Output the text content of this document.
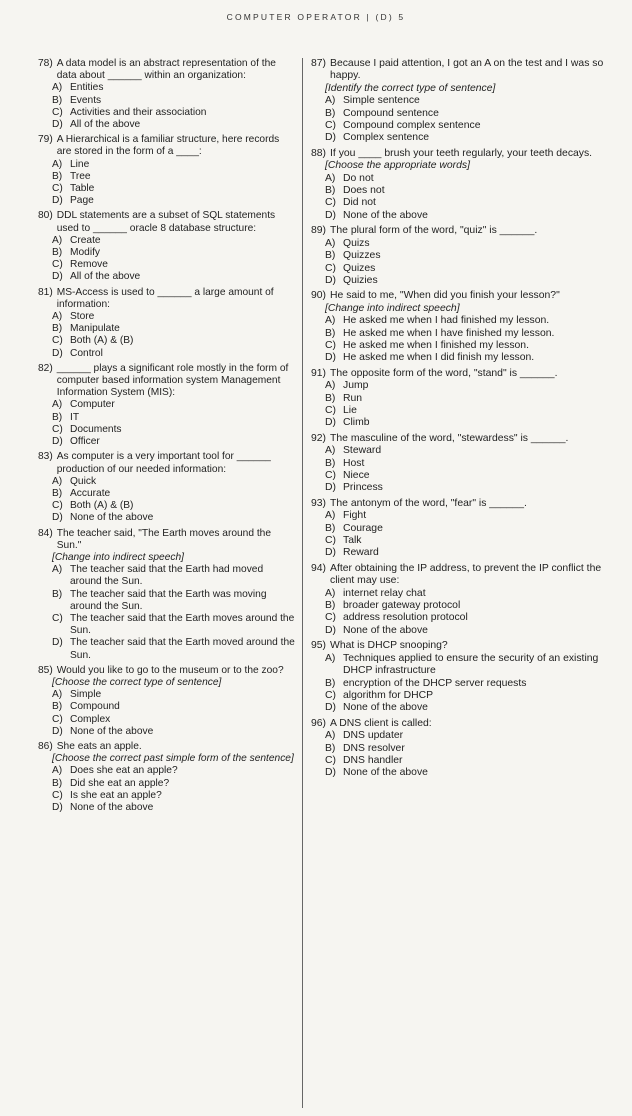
COMPUTER OPERATOR | (D) 5
78) A data model is an abstract representation of the data about ______ within an organization:
A) Entities
B) Events
C) Activities and their association
D) All of the above
79) A Hierarchical is a familiar structure, here records are stored in the form of a ____:
A) Line
B) Tree
C) Table
D) Page
80) DDL statements are a subset of SQL statements used to ______ oracle 8 database structure:
A) Create
B) Modify
C) Remove
D) All of the above
81) MS-Access is used to ______ a large amount of information:
A) Store
B) Manipulate
C) Both (A) & (B)
D) Control
82) ______ plays a significant role mostly in the form of computer based information system Management Information System (MIS):
A) Computer
B) IT
C) Documents
D) Officer
83) As computer is a very important tool for ______ production of our needed information:
A) Quick
B) Accurate
C) Both (A) & (B)
D) None of the above
84) The teacher said, "The Earth moves around the Sun."
[Change into indirect speech]
A) The teacher said that the Earth had moved around the Sun.
B) The teacher said that the Earth was moving around the Sun.
C) The teacher said that the Earth moves around the Sun.
D) The teacher said that the Earth moved around the Sun.
85) Would you like to go to the museum or to the zoo?
[Choose the correct type of sentence]
A) Simple
B) Compound
C) Complex
D) None of the above
86) She eats an apple.
[Choose the correct past simple form of the sentence]
A) Does she eat an apple?
B) Did she eat an apple?
C) Is she eat an apple?
D) None of the above
87) Because I paid attention, I got an A on the test and I was so happy.
[Identify the correct type of sentence]
A) Simple sentence
B) Compound sentence
C) Compound complex sentence
D) Complex sentence
88) If you ____ brush your teeth regularly, your teeth decays.
[Choose the appropriate words]
A) Do not
B) Does not
C) Did not
D) None of the above
89) The plural form of the word, "quiz" is ______.
A) Quizs
B) Quizzes
C) Quizes
D) Quizies
90) He said to me, "When did you finish your lesson?"
[Change into indirect speech]
A) He asked me when I had finished my lesson.
B) He asked me when I have finished my lesson.
C) He asked me when I finished my lesson.
D) He asked me when I did finish my lesson.
91) The opposite form of the word, "stand" is ______.
A) Jump
B) Run
C) Lie
D) Climb
92) The masculine of the word, "stewardess" is ______.
A) Steward
B) Host
C) Niece
D) Princess
93) The antonym of the word, "fear" is ______.
A) Fight
B) Courage
C) Talk
D) Reward
94) After obtaining the IP address, to prevent the IP conflict the client may use:
A) internet relay chat
B) broader gateway protocol
C) address resolution protocol
D) None of the above
95) What is DHCP snooping?
A) Techniques applied to ensure the security of an existing DHCP infrastructure
B) encryption of the DHCP server requests
C) algorithm for DHCP
D) None of the above
96) A DNS client is called:
A) DNS updater
B) DNS resolver
C) DNS handler
D) None of the above
